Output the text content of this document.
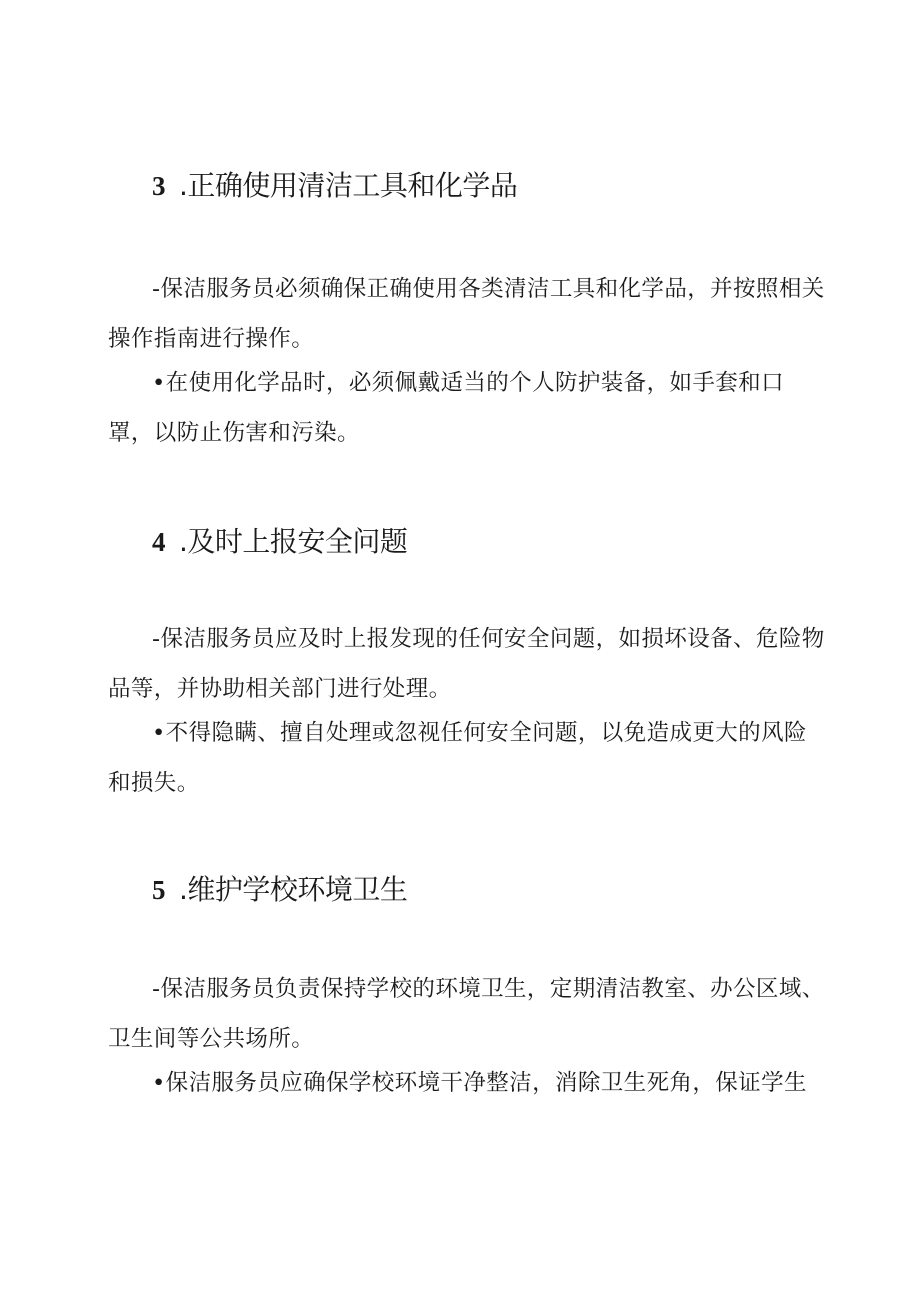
3 .正确使用清洁工具和化学品

-保洁服务员必须确保正确使用各类清洁工具和化学品，并按照相关操作指南进行操作。

•在使用化学品时，必须佩戴适当的个人防护装备，如手套和口罩，以防止伤害和污染。

4 .及时上报安全问题

-保洁服务员应及时上报发现的任何安全问题，如损坏设备、危险物品等，并协助相关部门进行处理。

•不得隐瞒、擅自处理或忽视任何安全问题，以免造成更大的风险和损失。

5 .维护学校环境卫生

-保洁服务员负责保持学校的环境卫生，定期清洁教室、办公区域、卫生间等公共场所。

•保洁服务员应确保学校环境干净整洁，消除卫生死角，保证学生
